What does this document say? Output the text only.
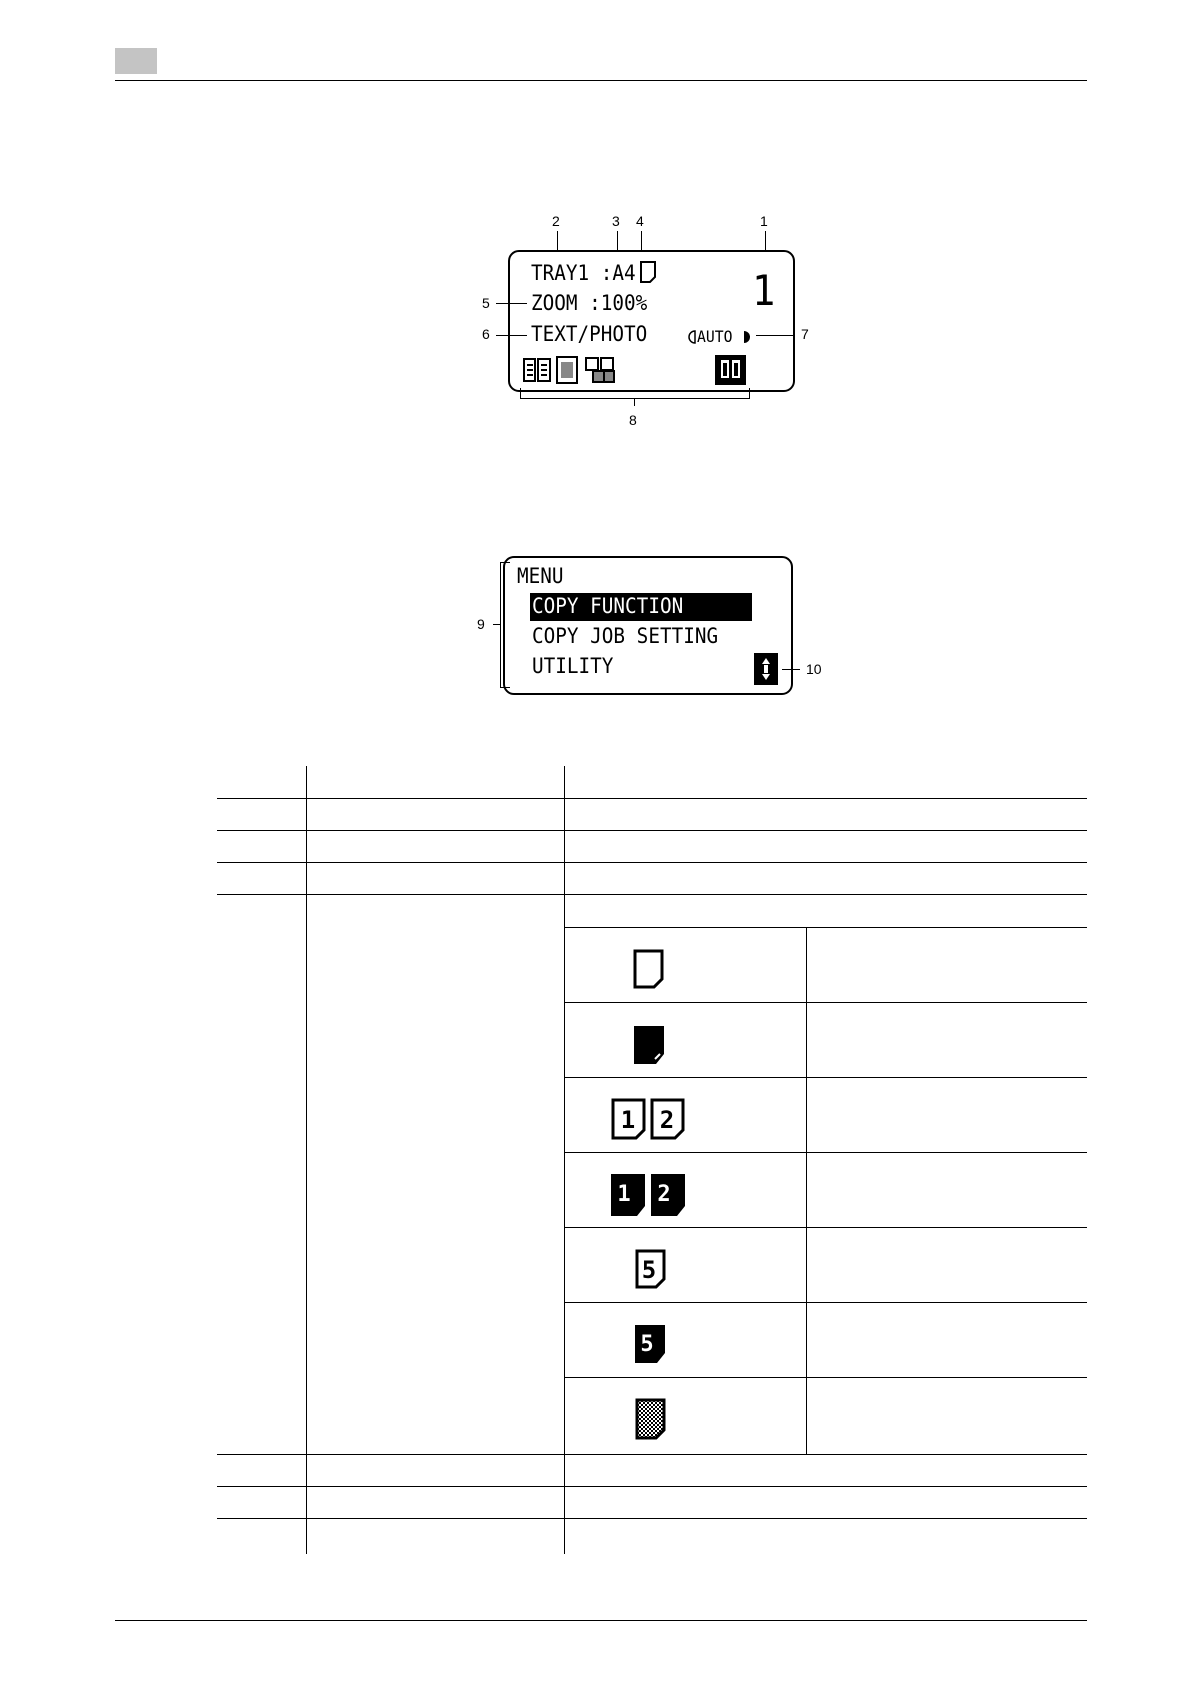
2	3 4	1
TRAY1 :A4
ZOOM :100%
TEXT/PHOTO
1
AUTO
5
6	7
8
9
MENU
COPY FUNCTION
COPY JOB SETTING
UTILITY	10
1 2
1 2
5
5
